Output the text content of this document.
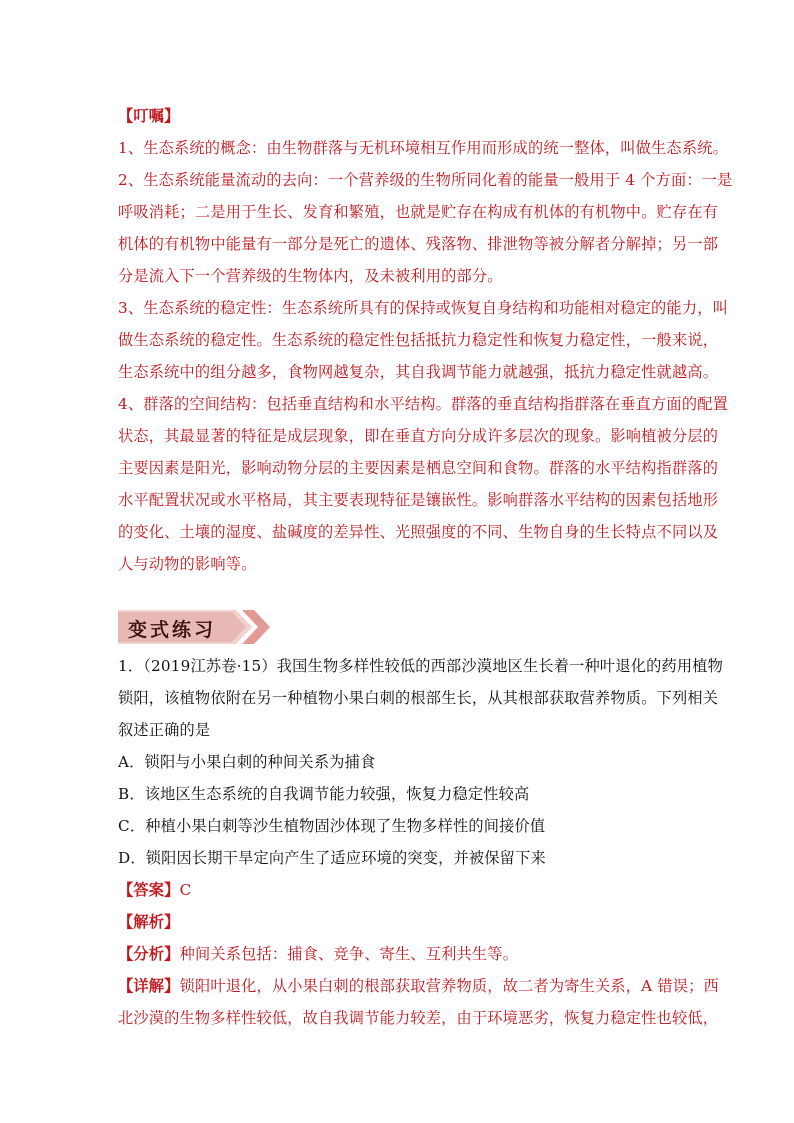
【叮嘱】
1、生态系统的概念：由生物群落与无机环境相互作用而形成的统一整体，叫做生态系统。
2、生态系统能量流动的去向：一个营养级的生物所同化着的能量一般用于 4 个方面：一是
呼吸消耗；二是用于生长、发育和繁殖，也就是贮存在构成有机体的有机物中。贮存在有
机体的有机物中能量有一部分是死亡的遗体、残落物、排泄物等被分解者分解掉；另一部
分是流入下一个营养级的生物体内，及未被利用的部分。
3、生态系统的稳定性：生态系统所具有的保持或恢复自身结构和功能相对稳定的能力，叫
做生态系统的稳定性。生态系统的稳定性包括抵抗力稳定性和恢复力稳定性，一般来说，
生态系统中的组分越多，食物网越复杂，其自我调节能力就越强，抵抗力稳定性就越高。
4、群落的空间结构：包括垂直结构和水平结构。群落的垂直结构指群落在垂直方面的配置
状态，其最显著的特征是成层现象，即在垂直方向分成许多层次的现象。影响植被分层的
主要因素是阳光，影响动物分层的主要因素是栖息空间和食物。群落的水平结构指群落的
水平配置状况或水平格局，其主要表现特征是镶嵌性。影响群落水平结构的因素包括地形
的变化、土壤的湿度、盐碱度的差异性、光照强度的不同、生物自身的生长特点不同以及
人与动物的影响等。
变式练习
1．（2019江苏卷·15）我国生物多样性较低的西部沙漠地区生长着一种叶退化的药用植物
锁阳，该植物依附在另一种植物小果白刺的根部生长，从其根部获取营养物质。下列相关
叙述正确的是
A．锁阳与小果白刺的种间关系为捕食
B．该地区生态系统的自我调节能力较强，恢复力稳定性较高
C．种植小果白刺等沙生植物固沙体现了生物多样性的间接价值
D．锁阳因长期干旱定向产生了适应环境的突变，并被保留下来
【答案】C
【解析】
【分析】种间关系包括：捕食、竞争、寄生、互利共生等。
【详解】锁阳叶退化，从小果白刺的根部获取营养物质，故二者为寄生关系，A 错误；西
北沙漠的生物多样性较低，故自我调节能力较差，由于环境恶劣，恢复力稳定性也较低，
